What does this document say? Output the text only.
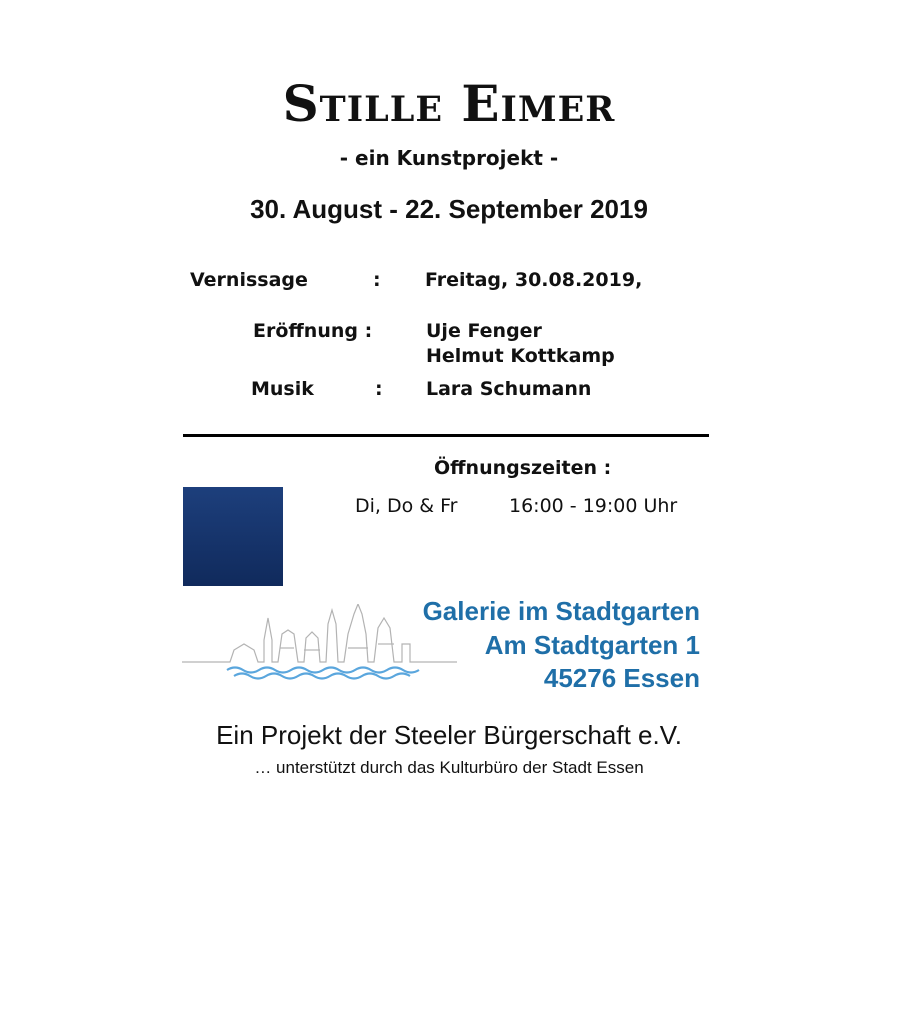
Stille Eimer
- ein Kunstprojekt -
30. August - 22. September 2019
Vernissage	: Freitag, 30.08.2019,
Eröffnung :	Uje Fenger
Helmut Kottkamp
Musik	: Lara Schumann
Öffnungszeiten :
Di, Do & Fr	16:00 - 19:00 Uhr
ESSEN
Galerie im Stadtgarten
Am Stadtgarten 1
45276 Essen
Ein Projekt der Steeler Bürgerschaft e.V.
… unterstützt durch das Kulturbüro der Stadt Essen
